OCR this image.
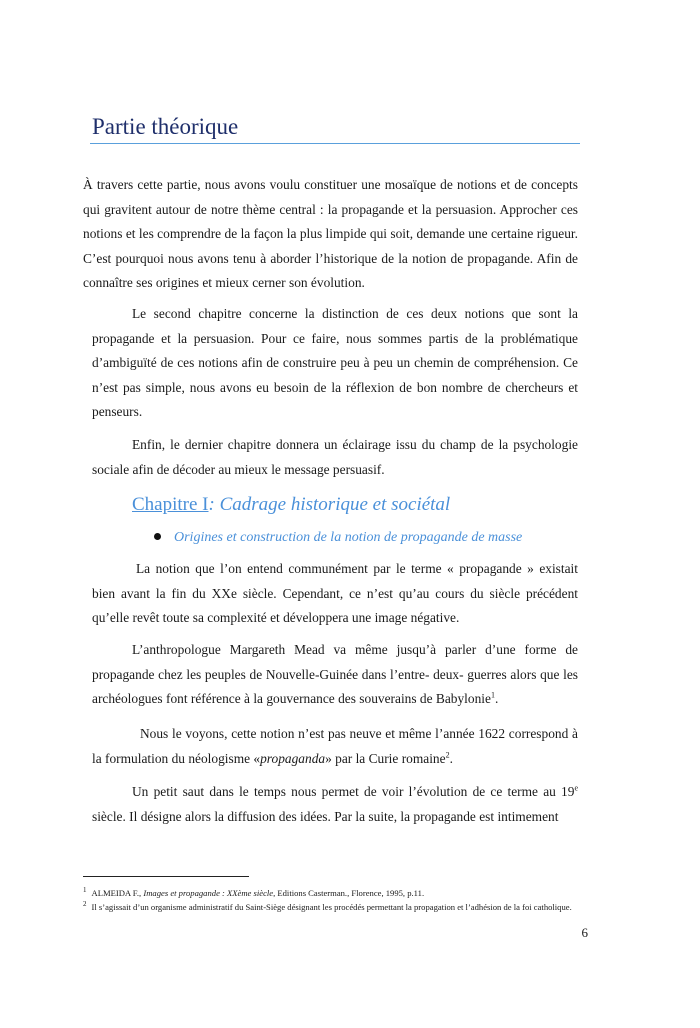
Partie théorique

À travers cette partie, nous avons voulu constituer une mosaïque de notions et de concepts qui gravitent autour de notre thème central : la propagande et la persuasion. Approcher ces notions et les comprendre de la façon la plus limpide qui soit, demande une certaine rigueur. C’est pourquoi nous avons tenu à aborder l’historique de la notion de propagande. Afin de connaître ses origines et mieux cerner son évolution.

Le second chapitre concerne la distinction de ces deux notions que sont la propagande et la persuasion. Pour ce faire, nous sommes partis de la problématique d’ambiguïté de ces notions afin de construire peu à peu un chemin de compréhension. Ce n’est pas simple, nous avons eu besoin de la réflexion de bon nombre de chercheurs et penseurs.

Enfin, le dernier chapitre donnera un éclairage issu du champ de la psychologie sociale afin de décoder au mieux le message persuasif.

Chapitre I: Cadrage historique et sociétal
Origines et construction de la notion de propagande de masse

La notion que l’on entend communément par le terme « propagande » existait bien avant la fin du XXe siècle. Cependant, ce n’est qu’au cours du siècle précédent qu’elle revêt toute sa complexité et développera une image négative.

L’anthropologue Margareth Mead va même jusqu’à parler d’une forme de propagande chez les peuples de Nouvelle-Guinée dans l’entre- deux- guerres alors que les archéologues font référence à la gouvernance des souverains de Babylonie$^1$.

Nous le voyons, cette notion n’est pas neuve et même l’année 1622 correspond à la formulation du néologisme «propaganda» par la Curie romaine$^2$.

Un petit saut dans le temps nous permet de voir l’évolution de ce terme au 19e siècle. Il désigne alors la diffusion des idées. Par la suite, la propagande est intimement

$^1$ ALMEIDA F., Images et propagande : XXème siècle, Editions Casterman., Florence, 1995, p.11.

$^2$ Il s’agissait d’un organisme administratif du Saint-Siège désignant les procédés permettant la propagation et l’adhésion de la foi catholique.

6
